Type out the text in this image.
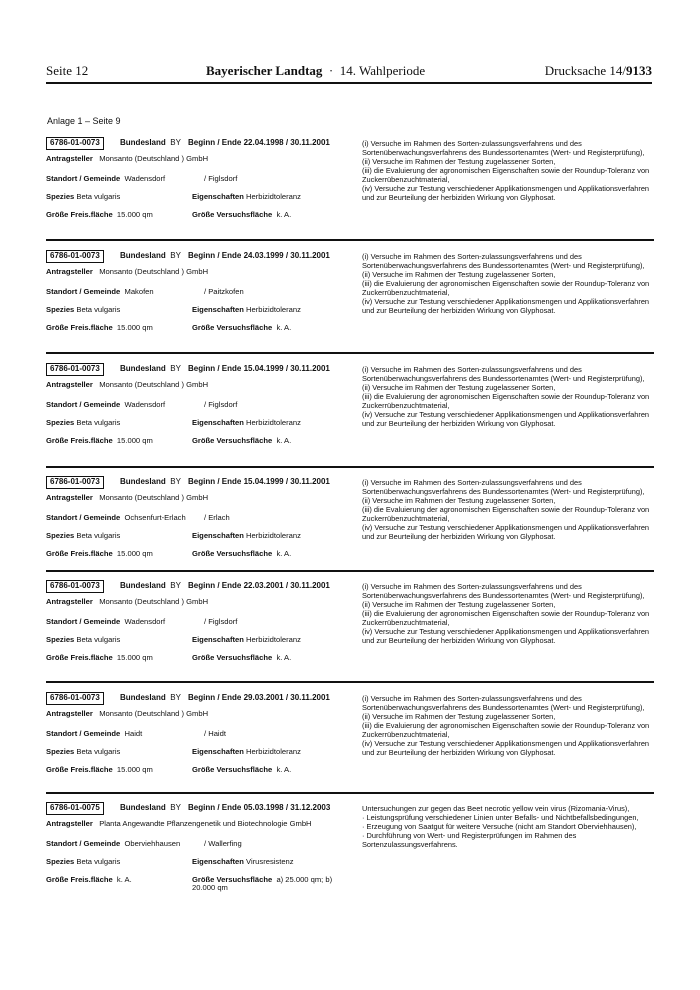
Seite 12	Bayerischer Landtag · 14. Wahlperiode	Drucksache 14/9133
Anlage 1 – Seite 9
6786-01-0073	Bundesland BY Beginn / Ende 22.04.1998 / 30.11.2001
Antragsteller Monsanto (Deutschland ) GmbH
Standort / Gemeinde Wadensdorf	/ Figlsdorf
Spezies Beta vulgaris	Eigenschaften Herbizidtoleranz
Größe Freis.fläche 15.000 qm	Größe Versuchsfläche k. A.
(i) Versuche im Rahmen des Sorten-zulassungsverfahrens und des Sortenüberwachungsverfahrens des Bundessortenamtes (Wert- und Registerprüfung),
(ii) Versuche im Rahmen der Testung zugelassener Sorten,
(iii) die Evaluierung der agronomischen Eigenschaften sowie der Roundup-Toleranz von Zuckerrübenzuchtmaterial,
(iv) Versuche zur Testung verschiedener Applikationsmengen und Applikationsverfahren und zur Beurteilung der herbiziden Wirkung von Glyphosat.
6786-01-0073	Bundesland BY Beginn / Ende 24.03.1999 / 30.11.2001
Antragsteller Monsanto (Deutschland ) GmbH
Standort / Gemeinde Makofen	/ Paitzkofen
Spezies Beta vulgaris	Eigenschaften Herbizidtoleranz
Größe Freis.fläche 15.000 qm	Größe Versuchsfläche k. A.
(i) Versuche im Rahmen des Sorten-zulassungsverfahrens und des Sortenüberwachungsverfahrens des Bundessortenamtes (Wert- und Registerprüfung),
(ii) Versuche im Rahmen der Testung zugelassener Sorten,
(iii) die Evaluierung der agronomischen Eigenschaften sowie der Roundup-Toleranz von Zuckerrübenzuchtmaterial,
(iv) Versuche zur Testung verschiedener Applikationsmengen und Applikationsverfahren und zur Beurteilung der herbiziden Wirkung von Glyphosat.
6786-01-0073	Bundesland BY Beginn / Ende 15.04.1999 / 30.11.2001
Antragsteller Monsanto (Deutschland ) GmbH
Standort / Gemeinde Wadensdorf	/ Figlsdorf
Spezies Beta vulgaris	Eigenschaften Herbizidtoleranz
Größe Freis.fläche 15.000 qm	Größe Versuchsfläche k. A.
(i) Versuche im Rahmen des Sorten-zulassungsverfahrens und des Sortenüberwachungsverfahrens des Bundessortenamtes (Wert- und Registerprüfung),
(ii) Versuche im Rahmen der Testung zugelassener Sorten,
(iii) die Evaluierung der agronomischen Eigenschaften sowie der Roundup-Toleranz von Zuckerrübenzuchtmaterial,
(iv) Versuche zur Testung verschiedener Applikationsmengen und Applikationsverfahren und zur Beurteilung der herbiziden Wirkung von Glyphosat.
6786-01-0073	Bundesland BY Beginn / Ende 15.04.1999 / 30.11.2001
Antragsteller Monsanto (Deutschland ) GmbH
Standort / Gemeinde Ochsenfurt-Erlach / Erlach
Spezies Beta vulgaris	Eigenschaften Herbizidtoleranz
Größe Freis.fläche 15.000 qm	Größe Versuchsfläche k. A.
(i) Versuche im Rahmen des Sorten-zulassungsverfahrens und des Sortenüberwachungsverfahrens des Bundessortenamtes (Wert- und Registerprüfung),
(ii) Versuche im Rahmen der Testung zugelassener Sorten,
(iii) die Evaluierung der agronomischen Eigenschaften sowie der Roundup-Toleranz von Zuckerrübenzuchtmaterial,
(iv) Versuche zur Testung verschiedener Applikationsmengen und Applikationsverfahren und zur Beurteilung der herbiziden Wirkung von Glyphosat.
6786-01-0073	Bundesland BY Beginn / Ende 22.03.2001 / 30.11.2001
Antragsteller Monsanto (Deutschland ) GmbH
Standort / Gemeinde Wadensdorf	/ Figlsdorf
Spezies Beta vulgaris	Eigenschaften Herbizidtoleranz
Größe Freis.fläche 15.000 qm	Größe Versuchsfläche k. A.
(i) Versuche im Rahmen des Sorten-zulassungsverfahrens und des Sortenüberwachungsverfahrens des Bundessortenamtes (Wert- und Registerprüfung),
(ii) Versuche im Rahmen der Testung zugelassener Sorten,
(iii) die Evaluierung der agronomischen Eigenschaften sowie der Roundup-Toleranz von Zuckerrübenzuchtmaterial,
(iv) Versuche zur Testung verschiedener Applikationsmengen und Applikationsverfahren und zur Beurteilung der herbiziden Wirkung von Glyphosat.
6786-01-0073	Bundesland BY Beginn / Ende 29.03.2001 / 30.11.2001
Antragsteller Monsanto (Deutschland ) GmbH
Standort / Gemeinde Haidt	/ Haidt
Spezies Beta vulgaris	Eigenschaften Herbizidtoleranz
Größe Freis.fläche 15.000 qm	Größe Versuchsfläche k. A.
(i) Versuche im Rahmen des Sorten-zulassungsverfahrens und des Sortenüberwachungsverfahrens des Bundessortenamtes (Wert- und Registerprüfung),
(ii) Versuche im Rahmen der Testung zugelassener Sorten,
(iii) die Evaluierung der agronomischen Eigenschaften sowie der Roundup-Toleranz von Zuckerrübenzuchtmaterial,
(iv) Versuche zur Testung verschiedener Applikationsmengen und Applikationsverfahren und zur Beurteilung der herbiziden Wirkung von Glyphosat.
6786-01-0075	Bundesland BY Beginn / Ende 05.03.1998 / 31.12.2003
Antragsteller Planta Angewandte Pflanzengenetik und Biotechnologie GmbH
Standort / Gemeinde Oberviehhausen	/ Wallerfing
Spezies Beta vulgaris	Eigenschaften Virusresistenz
Größe Freis.fläche k. A.	Größe Versuchsfläche a) 25.000 qm; b) 20.000 qm
Untersuchungen zur gegen das Beet necrotic yellow vein virus (Rizomania-Virus),
· Leistungsprüfung verschiedener Linien unter Befalls- und Nichtbefallsbedingungen,
· Erzeugung von Saatgut für weitere Versuche (nicht am Standort Oberviehhausen),
· Durchführung von Wert- und Registerprüfungen im Rahmen des Sortenzulassungsverfahrens.
